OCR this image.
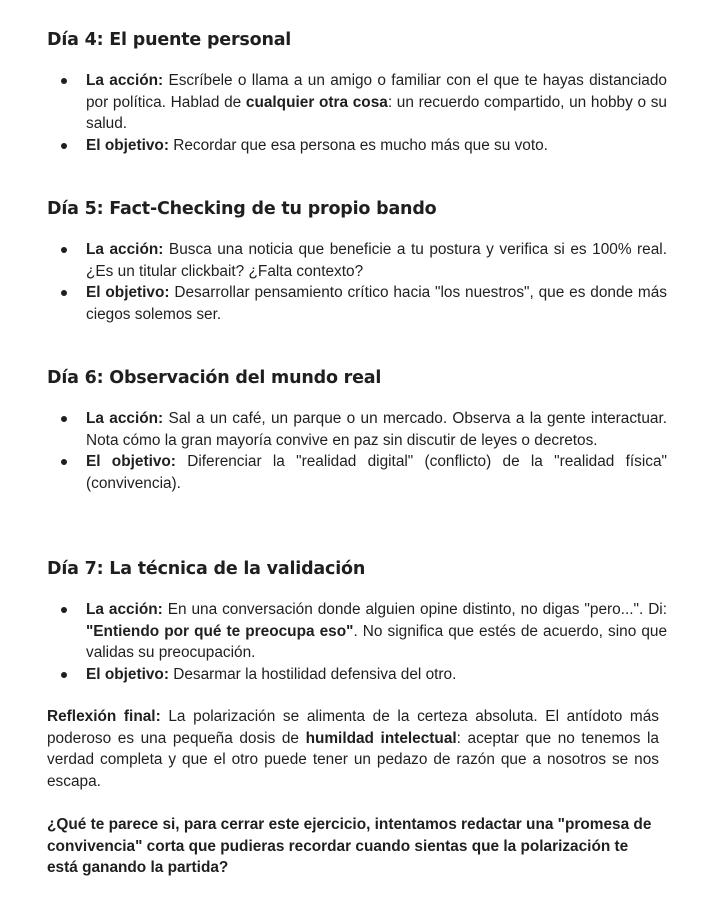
Día 4: El puente personal
La acción: Escríbele o llama a un amigo o familiar con el que te hayas distanciado por política. Hablad de cualquier otra cosa: un recuerdo compartido, un hobby o su salud.
El objetivo: Recordar que esa persona es mucho más que su voto.
Día 5: Fact-Checking de tu propio bando
La acción: Busca una noticia que beneficie a tu postura y verifica si es 100% real. ¿Es un titular clickbait? ¿Falta contexto?
El objetivo: Desarrollar pensamiento crítico hacia "los nuestros", que es donde más ciegos solemos ser.
Día 6: Observación del mundo real
La acción: Sal a un café, un parque o un mercado. Observa a la gente interactuar. Nota cómo la gran mayoría convive en paz sin discutir de leyes o decretos.
El objetivo: Diferenciar la "realidad digital" (conflicto) de la "realidad física" (convivencia).
Día 7: La técnica de la validación
La acción: En una conversación donde alguien opine distinto, no digas "pero...". Di: "Entiendo por qué te preocupa eso". No significa que estés de acuerdo, sino que validas su preocupación.
El objetivo: Desarmar la hostilidad defensiva del otro.

Reflexión final: La polarización se alimenta de la certeza absoluta. El antídoto más poderoso es una pequeña dosis de humildad intelectual: aceptar que no tenemos la verdad completa y que el otro puede tener un pedazo de razón que a nosotros se nos escapa.

¿Qué te parece si, para cerrar este ejercicio, intentamos redactar una "promesa de convivencia" corta que pudieras recordar cuando sientas que la polarización te está ganando la partida?
